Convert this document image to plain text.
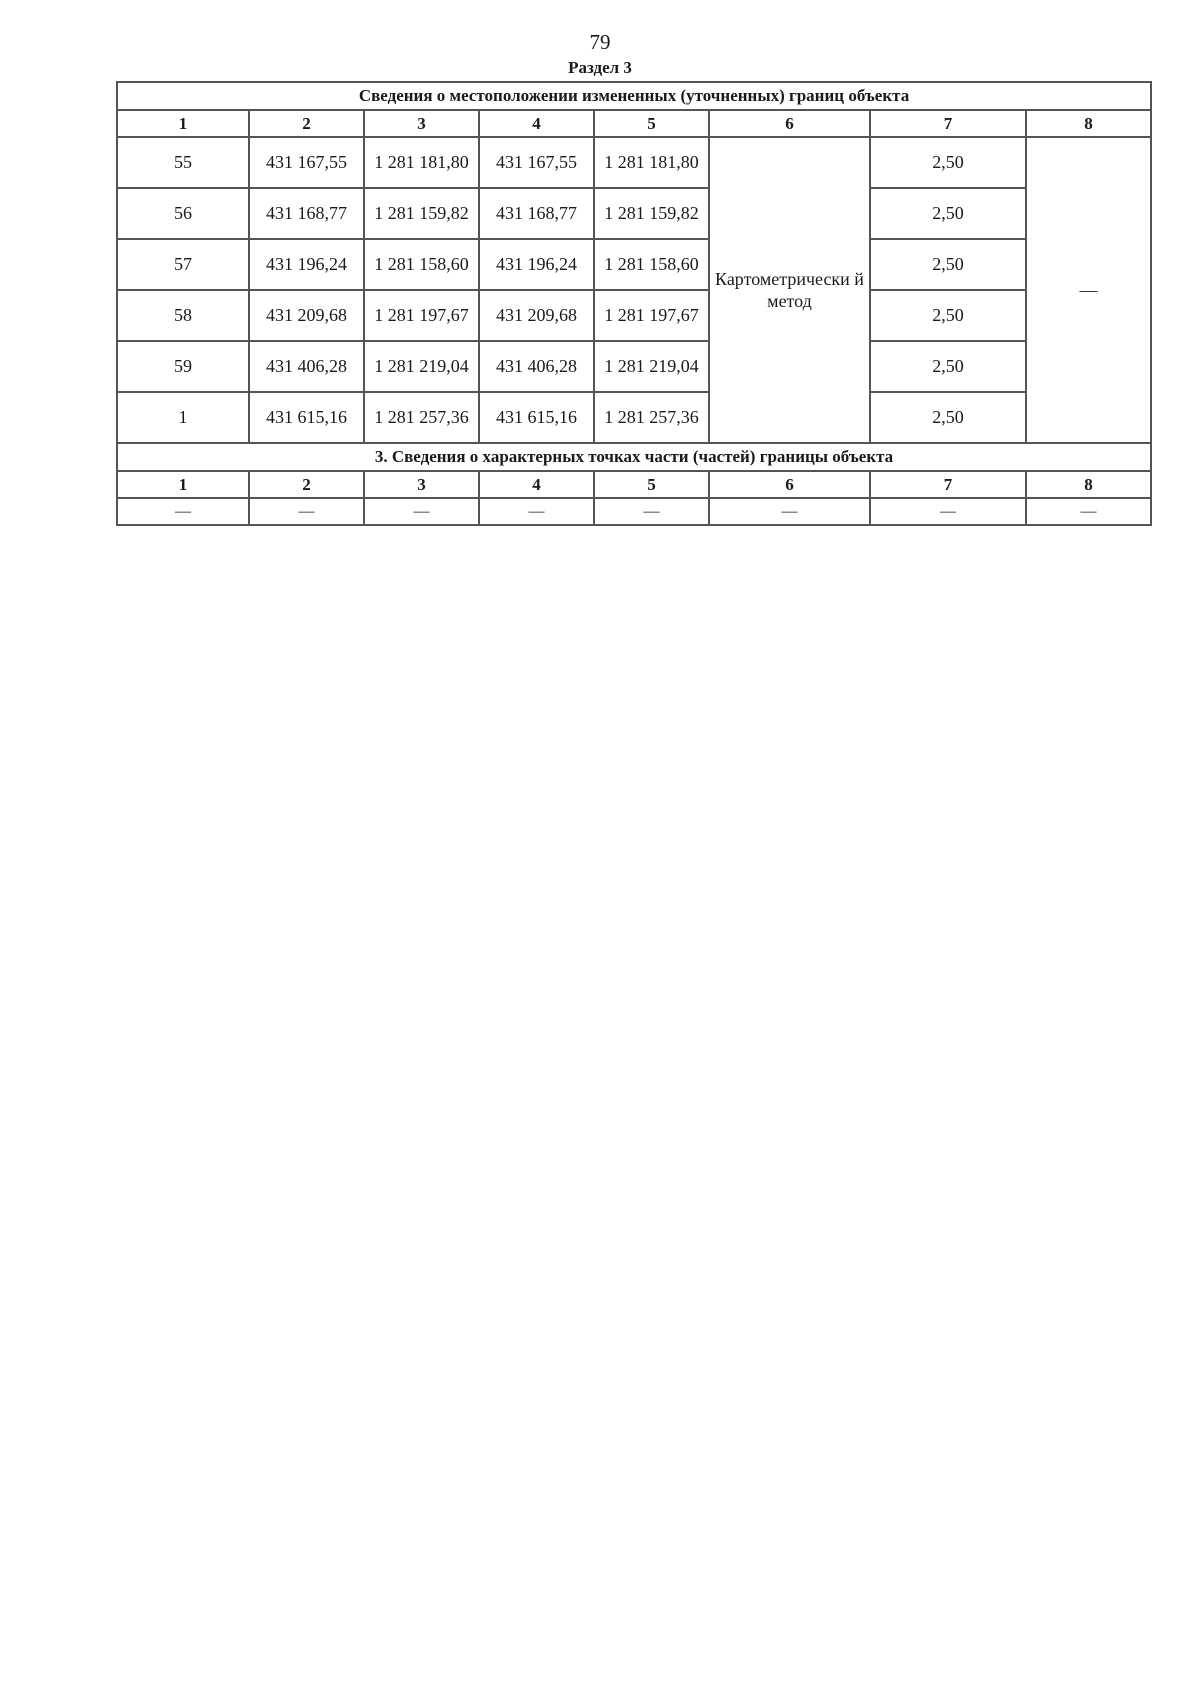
79
Раздел 3
Сведения о местоположении измененных (уточненных) границ объекта							
1	2	3	4	5	6	7	8
55	431 167,55	1 281 181,80	431 167,55	1 281 181,80	Картометрически й метод	2,50	—
56	431 168,77	1 281 159,82	431 168,77	1 281 159,82		2,50	
57	431 196,24	1 281 158,60	431 196,24	1 281 158,60		2,50	
58	431 209,68	1 281 197,67	431 209,68	1 281 197,67		2,50	
59	431 406,28	1 281 219,04	431 406,28	1 281 219,04		2,50	
1	431 615,16	1 281 257,36	431 615,16	1 281 257,36		2,50	
3. Сведения о характерных точках части (частей) границы объекта							
1	2	3	4	5	6	7	8
—	—	—	—	—	—	—	—
